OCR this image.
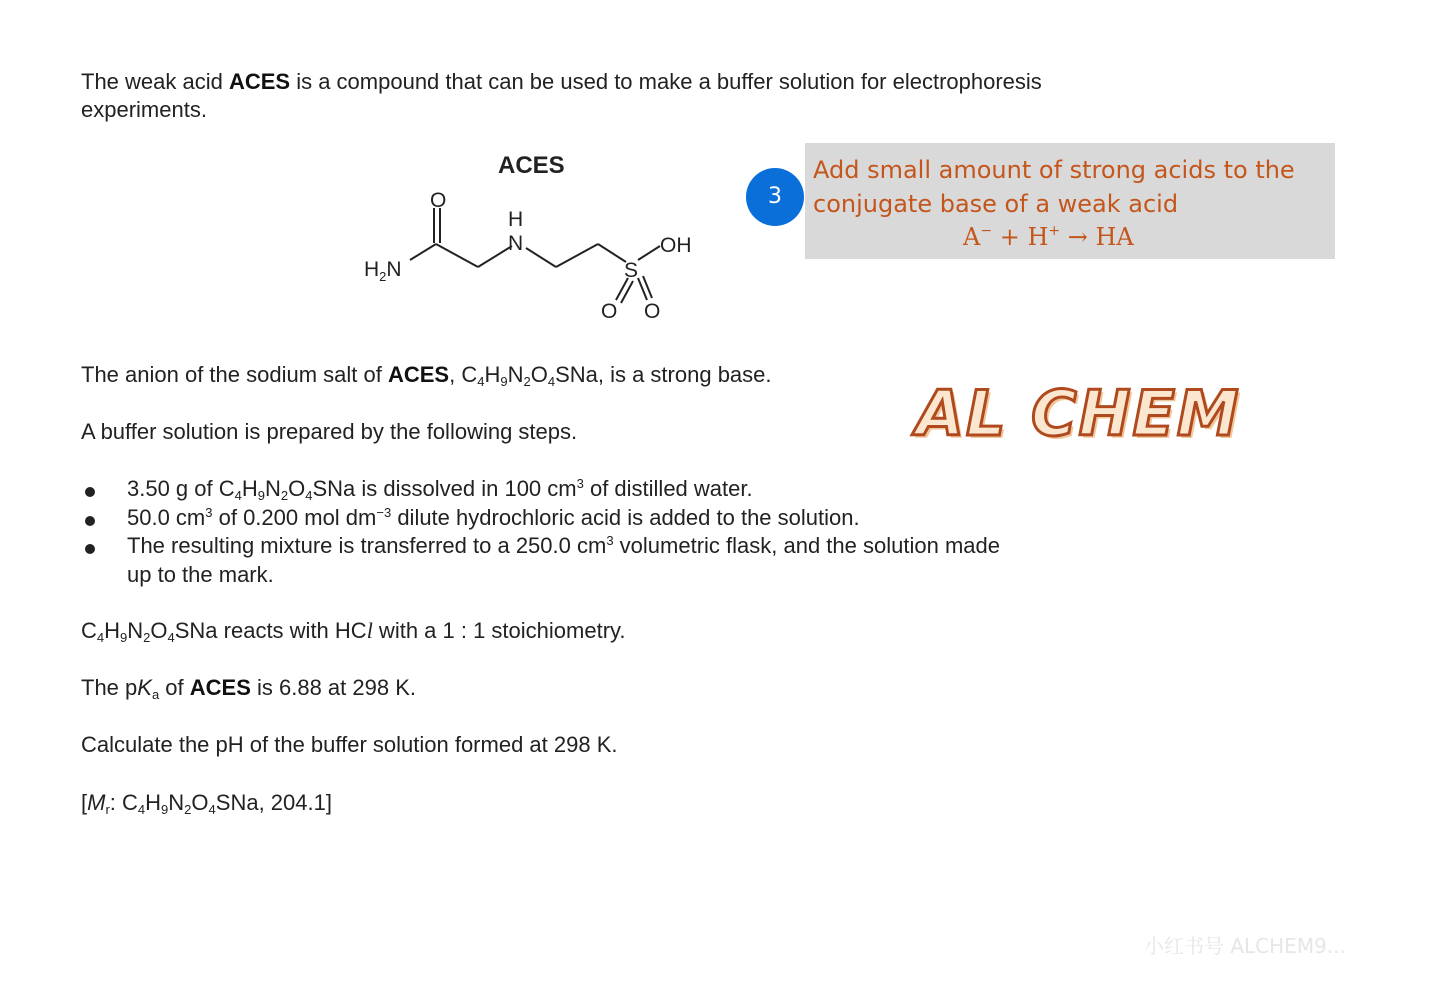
The weak acid ACES is a compound that can be used to make a buffer solution for electrophoresis
experiments.

ACES
O
$H_2N$
H
N	OH
S
O O
3
Add small amount of strong acids to the
conjugate base of a weak acid
A− + H+ → HA
AL CHEM

The anion of the sodium salt of ACES, $C_4H_9N_2O_4SNa$, is a strong base.

A buffer solution is prepared by the following steps.

3.50 g of $C_4H_9N_2O_4SNa$ is dissolved in 100 $cm^3$ of distilled water.
50.0 $cm^3$ of 0.200 mol $dm^{-3}$ dilute hydrochloric acid is added to the solution.
The resulting mixture is transferred to a 250.0 $cm^3$ volumetric flask, and the solution made
up to the mark.

$C_4H_9N_2O_4SNa$ reacts with HCl with a 1 : 1 stoichiometry.

The $pK_a$ of ACES is 6.88 at 298 K.

Calculate the pH of the buffer solution formed at 298 K.

[$M_r$: $C_4H_9N_2O_4SNa$, 204.1]

小红书号 ALCHEM9...
